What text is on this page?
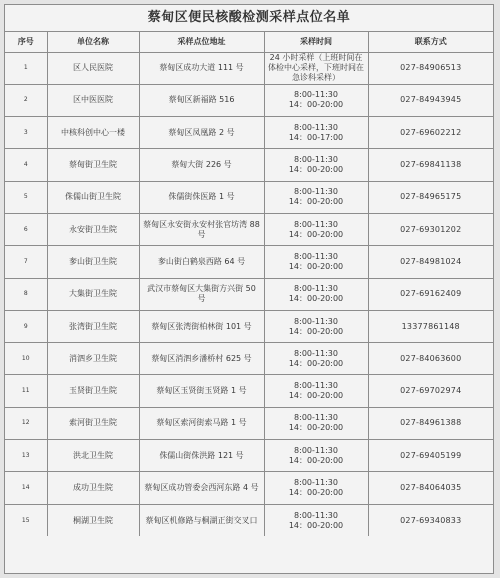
蔡甸区便民核酸检测采样点位名单
序号	单位名称	采样点位地址	采样时间	联系方式
1	区人民医院	蔡甸区成功大道 111 号	24 小时采样（上班时间在体检中心采样，下班时间在急诊科采样）	027-84906513
2	区中医医院	蔡甸区新福路 516	8:00-11:30
14：00-20:00	027-84943945
3	中核科创中心一楼	蔡甸区凤凰路 2 号	8:00-11:30
14：00-17:00	027-69602212
4	蔡甸街卫生院	蔡甸大街 226 号	8:00-11:30
14：00-20:00	027-69841138
5	侏儒山街卫生院	侏儒街侏医路 1 号	8:00-11:30
14：00-20:00	027-84965175
6	永安街卫生院	蔡甸区永安街永安村张官坊湾 88 号	8:00-11:30
14：00-20:00	027-69301202
7	奓山街卫生院	奓山街白鹤泉西路 64 号	8:00-11:30
14：00-20:00	027-84981024
8	大集街卫生院	武汉市蔡甸区大集街方兴街 50 号	8:00-11:30
14：00-20:00	027-69162409
9	张湾街卫生院	蔡甸区张湾街柏林街 101 号	8:00-11:30
14：00-20:00	13377861148
10	消泗乡卫生院	蔡甸区消泗乡潘桥村 625 号	8:00-11:30
14：00-20:00	027-84063600
11	玉贤街卫生院	蔡甸区玉贤街玉贤路 1 号	8:00-11:30
14：00-20:00	027-69702974
12	索河街卫生院	蔡甸区索河街索马路 1 号	8:00-11:30
14：00-20:00	027-84961388
13	洪北卫生院	侏儒山街侏洪路 121 号	8:00-11:30
14：00-20:00	027-69405199
14	成功卫生院	蔡甸区成功管委会西河东路 4 号	8:00-11:30
14：00-20:00	027-84064035
15	桐湖卫生院	蔡甸区机修路与桐湖正街交叉口	8:00-11:30
14：00-20:00	027-69340833
